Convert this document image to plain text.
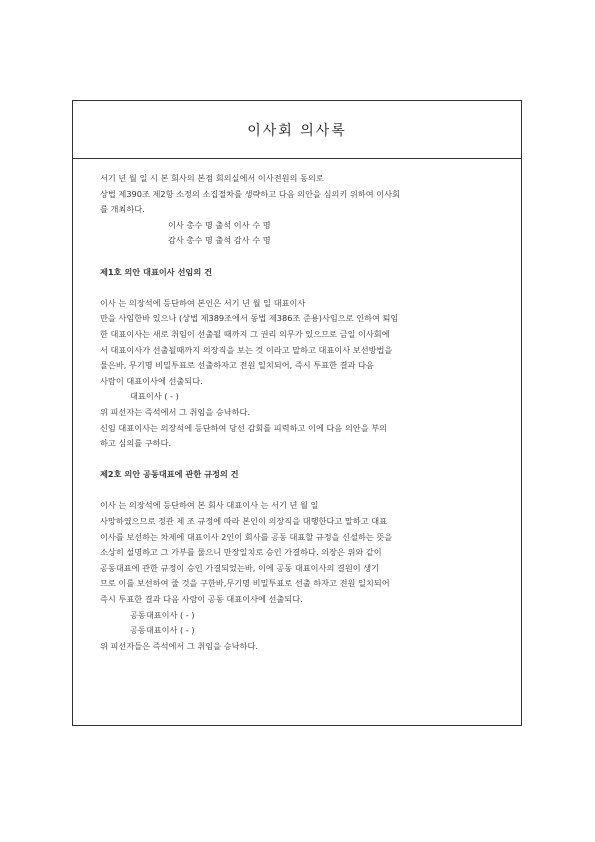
이사회 의사록
서기 년 월 일 시 본 회사의 본점 회의실에서 이사전원의 동의로
상법 제390조 제2항 소정의 소집절차를 생략하고 다음 의안을 심의키 위하여 이사회
를 개최하다.
이사 총수 명 출석 이사 수 명
감사 총수 명 출석 감사 수 명
제1호 의안 대표이사 선임의 건
이사 는 의장석에 등단하여 본인은 서기 년 월 일 대표이사
만을 사임한바 있으나 (상법 제389조에서 동법 제386조 준용)사임으로 인하여 퇴임
한 대표이사는 새로 취임이 선출될 때까지 그 권리 의무가 있으므로 금일 이사회에
서 대표이사가 선출될때까지 의장직을 보는 것 이라고 말하고 대표이사 보선방법을
물은바, 무기명 비밀투표로 선출하자고 전원 일치되어, 즉시 투표한 결과 다음
사람이 대표이사에 선출되다.
대표이사 ( - )
위 피선자는 즉석에서 그 취임을 승낙하다.
신임 대표이사는 의장석에 등단하여 당선 감회를 피력하고 이에 다음 의안을 부의
하고 심의를 구하다.
제2호 의안 공동대표에 관한 규정의 건
이사 는 의장석에 등단하여 본 회사 대표이사 는 서기 년 월 일
사망하였으므로 정관 제 조 규정에 따라 본인이 의장직을 대행한다고 말하고 대표
이사를 보선하는 차제에 대표이사 2인이 회사를 공동 대표할 규정을 신설하는 뜻을
소상히 설명하고 그 가부를 물으니 만장일치로 승인 가결하다. 의장은 위와 같이
공동대표에 관한 규정이 승인 가결되었는바, 이에 공동 대표이사의 결원이 생기
므로 이를 보선하여 줄 것을 구한바,무기명 비밀투표로 선출 하자고 전원 일치되어
즉시 투표한 결과 다음 사람이 공동 대표이사에 선출되다.
공동대표이사 ( - )
공동대표이사 ( - )
위 피선자들은 즉석에서 그 취임을 승낙하다.
